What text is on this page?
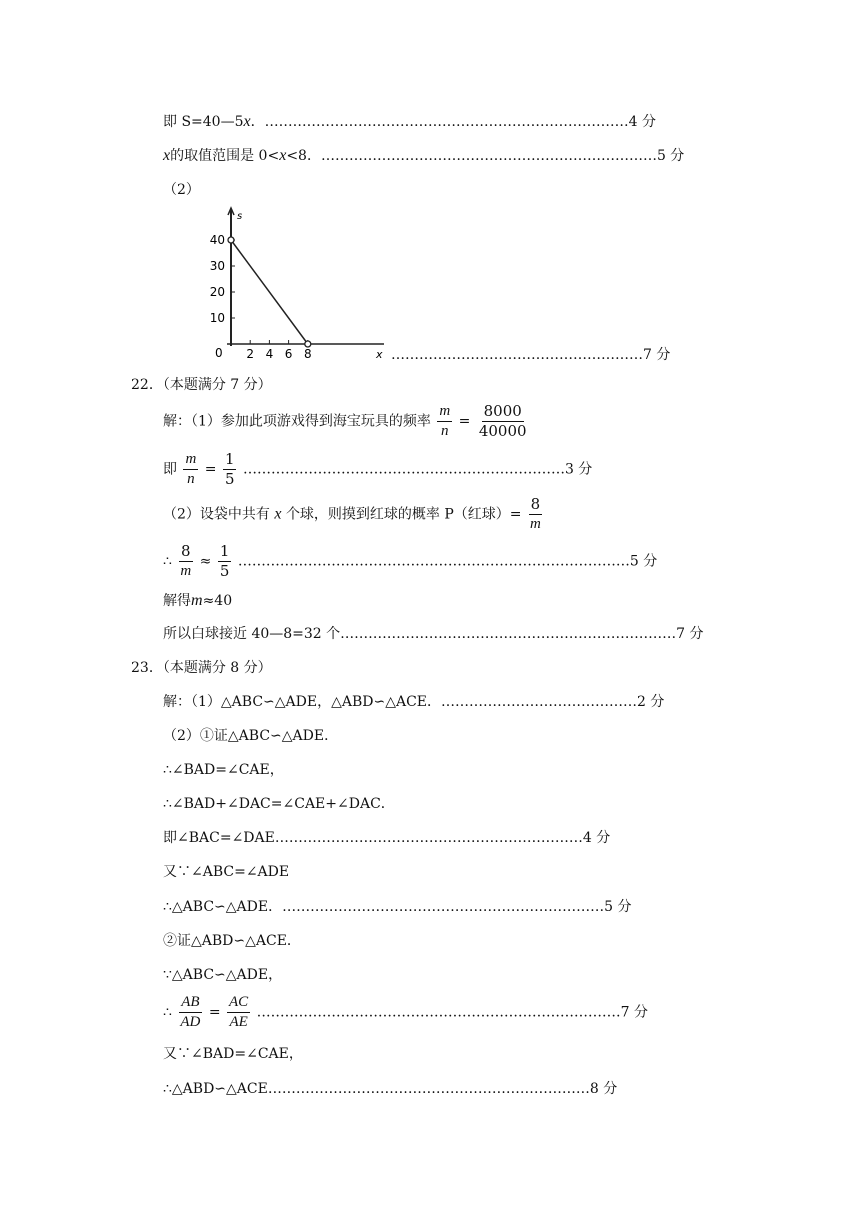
即 S=40—5x．……………………………………………………………………4 分
x的取值范围是 0<x<8．………………………………………………………………5 分
（2）
s
x
0
10
20
30
40
2 4 6 8	………………………………………………7 分
22．（本题满分 7 分）
解：（1）参加此项游戏得到海宝玩具的频率 $\frac{m}{n} = \frac{8000}{40000}$
即 $\frac{m}{n} = \frac{1}{5}$ ……………………………………………………………3 分
（2）设袋中共有 x 个球，则摸到红球的概率 P（红球）= $\frac{8}{m}$
∴ $\frac{8}{m} \approx \frac{1}{5}$ …………………………………………………………………………5 分
解得m≈40
所以白球接近 40—8=32 个………………………………………………………………7 分
23．（本题满分 8 分）
解：（1）△ABC∽△ADE，△ABD∽△ACE．……………………………………2 分
（2）①证△ABC∽△ADE．
∴∠BAD=∠CAE，
∴∠BAD+∠DAC=∠CAE+∠DAC．
即∠BAC=∠DAE…………………………………………………………4 分
又∵∠ABC=∠ADE
∴△ABC∽△ADE．……………………………………………………………5 分
②证△ABD∽△ACE．
∵△ABC∽△ADE，
∴ $\frac{AB}{AD} = \frac{AC}{AE}$ ……………………………………………………………………7 分
又∵∠BAD=∠CAE，
∴△ABD∽△ACE……………………………………………………………8 分
